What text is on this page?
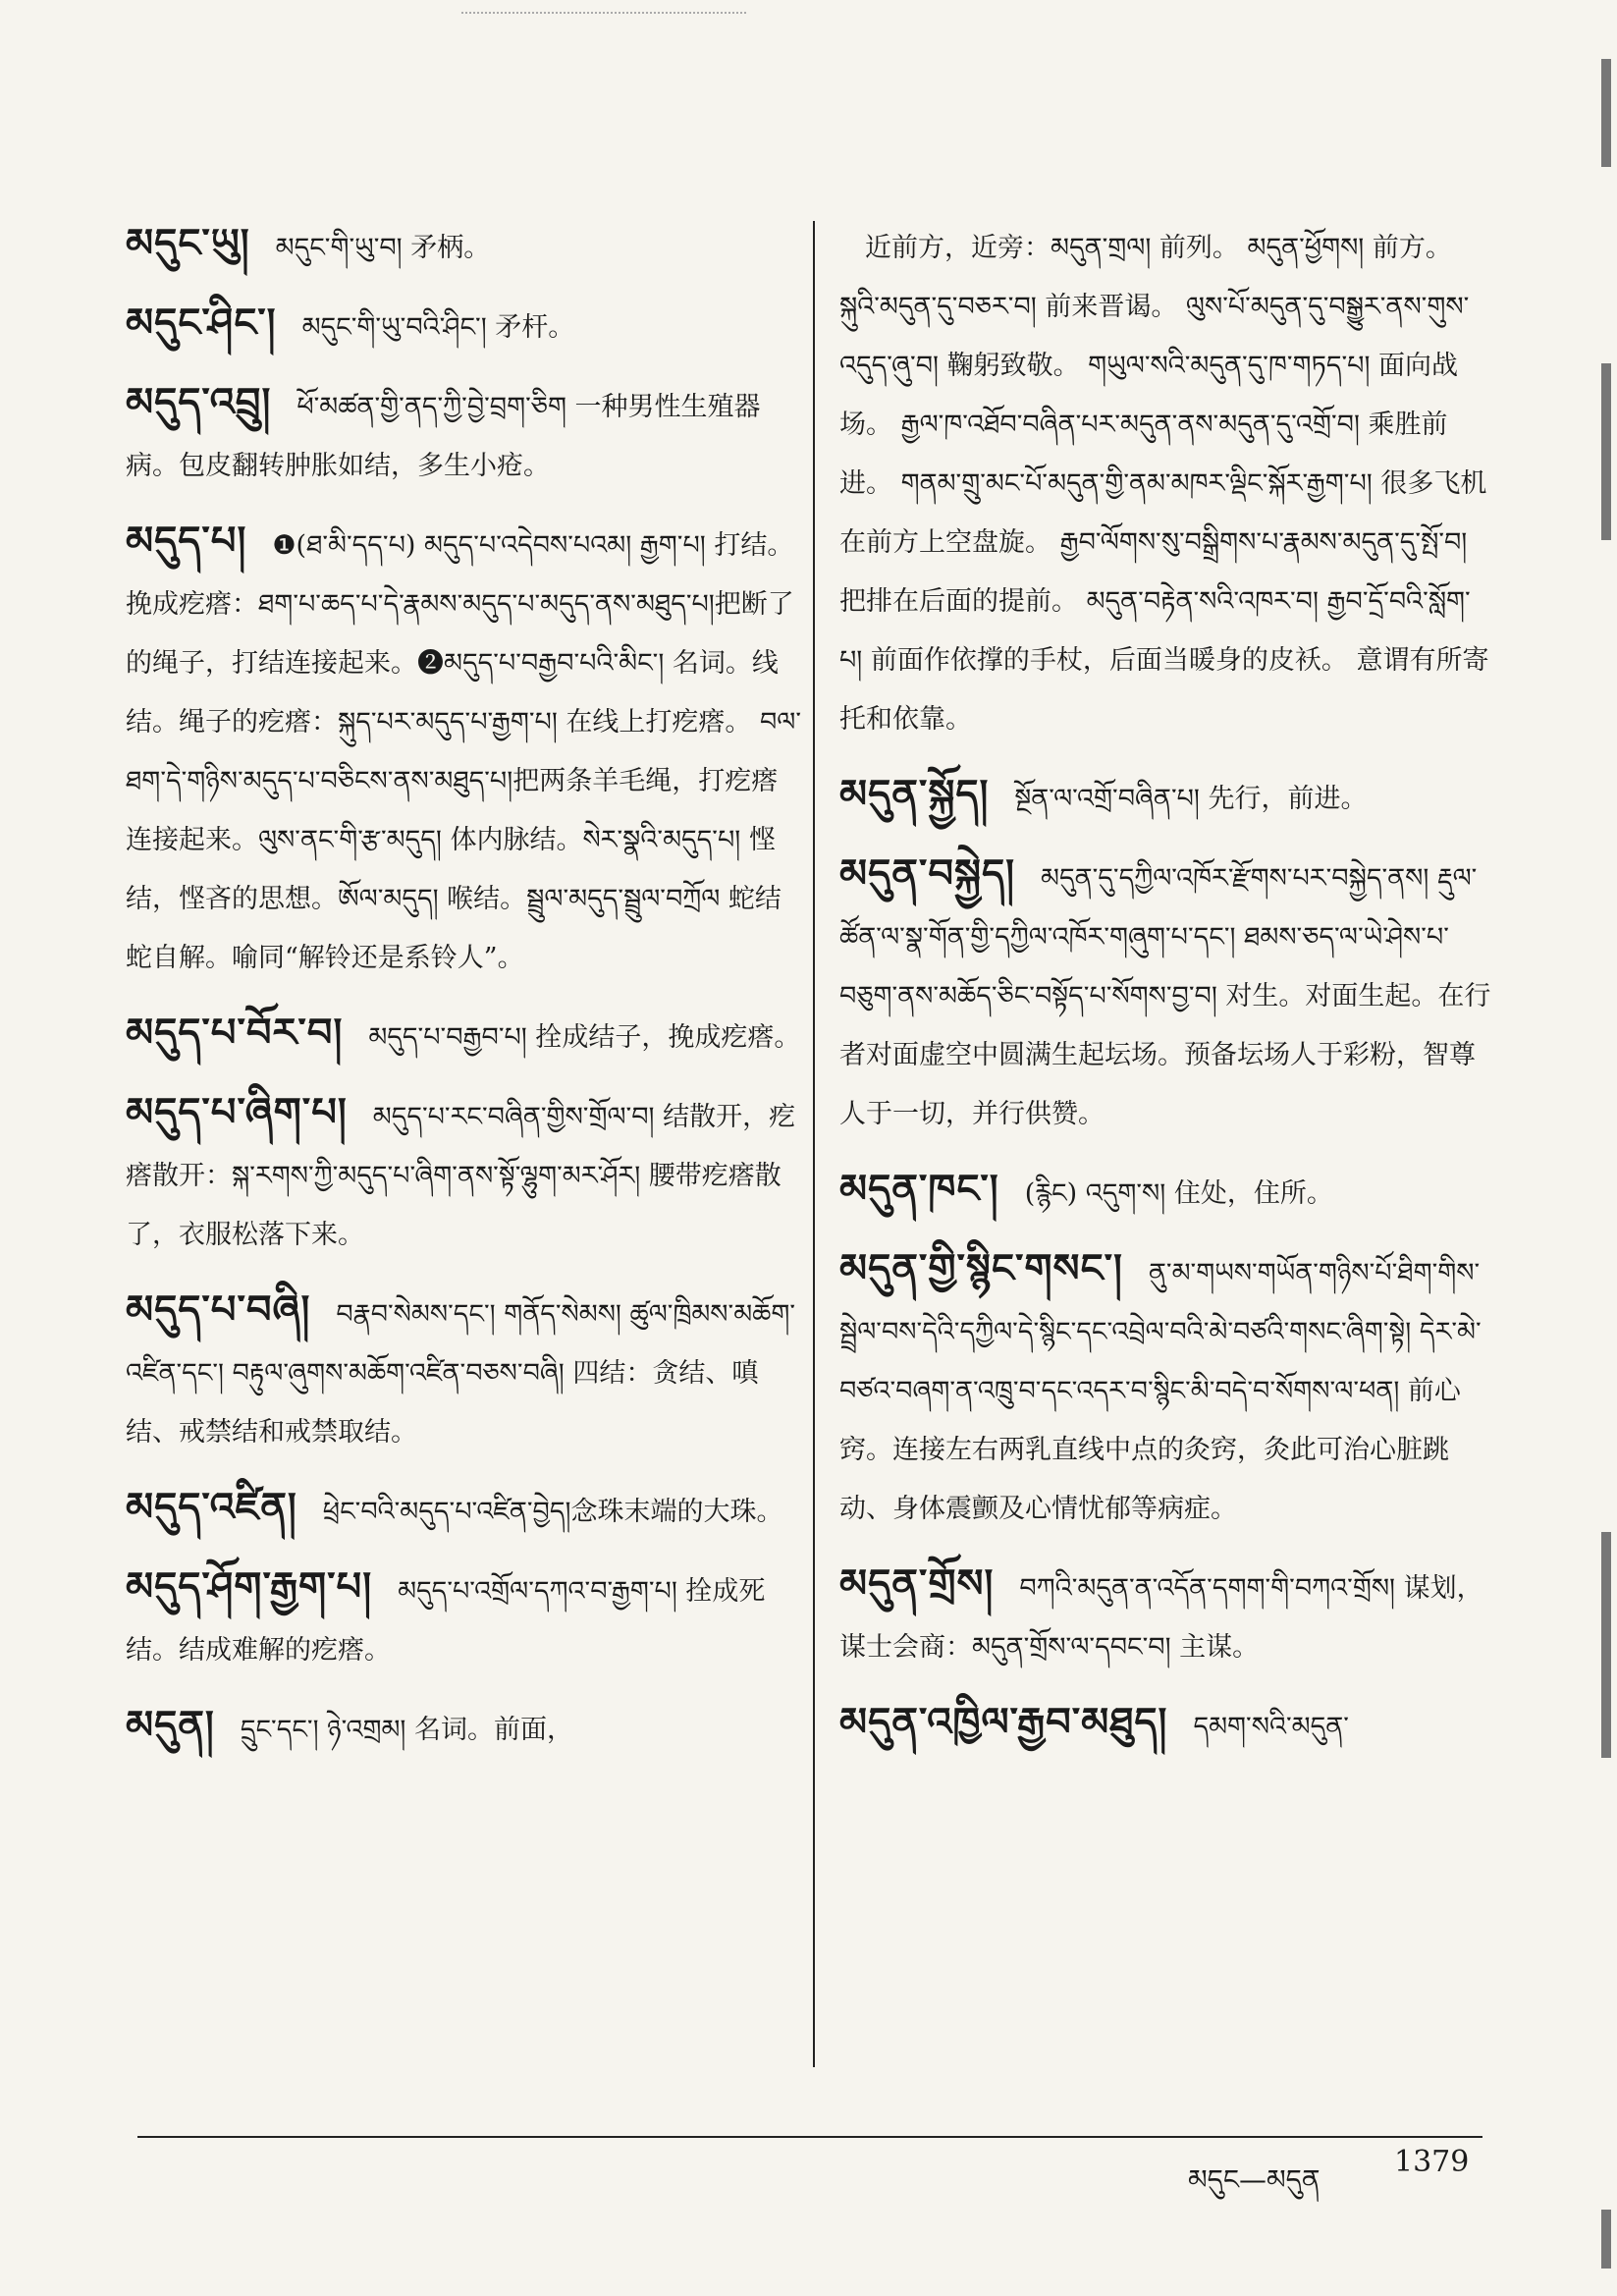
མདུང་ཡུ། མདུང་གི་ཡུ་བ། 矛柄。

མདུང་ཤིང་། མདུང་གི་ཡུ་བའི་ཤིང་། 矛杆。

མདུད་འབྲུ། ཕོ་མཚན་གྱི་ནད་ཀྱི་བྱེ་བྲག་ཅིག 一种男性生殖器病。包皮翻转肿胀如结，多生小疮。

མདུད་པ། ❶(ཐ་མི་དད་པ) མདུད་པ་འདེབས་པའམ། རྒྱག་པ། 打结。挽成疙瘩：ཐག་པ་ཆད་པ་དེ་རྣམས་མདུད་པ་མདུད་ནས་མཐུད་པ།把断了的绳子，打结连接起来。❷མདུད་པ་བརྒྱབ་པའི་མིང་། 名词。线结。绳子的疙瘩：སྐུད་པར་མདུད་པ་རྒྱག་པ། 在线上打疙瘩。 བལ་ཐག་དེ་གཉིས་མདུད་པ་བཅིངས་ནས་མཐུད་པ།把两条羊毛绳，打疙瘩连接起来。ལུས་ནང་གི་རྩ་མདུད། 体内脉结。སེར་སྣའི་མདུད་པ། 悭结，悭吝的思想。ཨོལ་མདུད། 喉结。སྦྲུལ་མདུད་སྦྲུལ་བཀྲོལ 蛇结蛇自解。喻同“解铃还是系铃人”。

མདུད་པ་བོར་བ། མདུད་པ་བརྒྱབ་པ། 拴成结子，挽成疙瘩。

མདུད་པ་ཞིག་པ། མདུད་པ་རང་བཞིན་གྱིས་གྲོལ་བ། 结散开，疙瘩散开：སྐ་རགས་ཀྱི་མདུད་པ་ཞིག་ནས་སྟོ་ལྷུག་མར་ཤོར། 腰带疙瘩散了，衣服松落下来。

མདུད་པ་བཞི། བརྣབ་སེམས་དང་། གནོད་སེམས། ཚུལ་ཁྲིམས་མཆོག་འཛིན་དང་། བརྟུལ་ཞུགས་མཆོག་འཛིན་བཅས་བཞི། 四结：贪结、嗔结、戒禁结和戒禁取结。

མདུད་འཛིན། ཕྲེང་བའི་མདུད་པ་འཛིན་བྱེད།念珠末端的大珠。

མདུད་ཤོག་རྒྱག་པ། མདུད་པ་འགྲོལ་དཀའ་བ་རྒྱག་པ། 拴成死结。结成难解的疙瘩。

མདུན། དྲུང་དང་། ཉེ་འགྲམ། 名词。前面，

近前方，近旁：མདུན་གྲལ། 前列。 མདུན་ཕྱོགས། 前方。 སྐུའི་མདུན་དུ་བཅར་བ། 前来晋谒。 ལུས་པོ་མདུན་དུ་བསྒྱུར་ནས་གུས་འདུད་ཞུ་བ། 鞠躬致敬。 གཡུལ་སའི་མདུན་དུ་ཁ་གཏད་པ། 面向战场。 རྒྱལ་ཁ་འཐོབ་བཞིན་པར་མདུན་ནས་མདུན་དུ་འགྲོ་བ། 乘胜前进。 གནམ་གྲུ་མང་པོ་མདུན་གྱི་ནམ་མཁར་ལྡིང་སྐོར་རྒྱག་པ། 很多飞机在前方上空盘旋。 རྒྱབ་ལོགས་སུ་བསྒྲིགས་པ་རྣམས་མདུན་དུ་སྤོ་བ། 把排在后面的提前。 མདུན་བརྟེན་སའི་འཁར་བ། རྒྱབ་དྲོ་བའི་སློག་པ། 前面作依撑的手杖，后面当暖身的皮袄。 意谓有所寄托和依靠。

མདུན་སྐྱོད། སྔོན་ལ་འགྲོ་བཞིན་པ། 先行，前进。

མདུན་བསྐྱེད། མདུན་དུ་དཀྱིལ་འཁོར་རྫོགས་པར་བསྐྱེད་ནས། རྡུལ་ཚོན་ལ་སྣ་གོན་གྱི་དཀྱིལ་འཁོར་གཞུག་པ་དང་། ཐམས་ཅད་ལ་ཡེ་ཤེས་པ་བཅུག་ནས་མཆོད་ཅིང་བསྟོད་པ་སོགས་བྱ་བ། 对生。对面生起。在行者对面虚空中圆满生起坛场。预备坛场人于彩粉，智尊人于一切，并行供赞。

མདུན་ཁང་། (རྙིང) འདུག་ས། 住处，住所。

མདུན་གྱི་སྙིང་གསང་། ནུ་མ་གཡས་གཡོན་གཉིས་པོ་ཐིག་གིས་སྦྲེལ་བས་དེའི་དཀྱིལ་དེ་སྙིང་དང་འབྲེལ་བའི་མེ་བཙའི་གསང་ཞིག་སྟེ། དེར་མེ་བཙའ་བཞག་ན་འཁྲུ་བ་དང་འདར་བ་སྙིང་མི་བདེ་བ་སོགས་ལ་ཕན། 前心窍。连接左右两乳直线中点的灸窍，灸此可治心脏跳动、身体震颤及心情忧郁等病症。

མདུན་གྲོས། བཀའི་མདུན་ན་འདོན་དགག་གི་བཀའ་གྲོས། 谋划，谋士会商：མདུན་གྲོས་ལ་དབང་བ། 主谋。

མདུན་འཁྱིལ་རྒྱབ་མཐུད། དམག་སའི་མདུན་

མདུང—མདུན
1379
